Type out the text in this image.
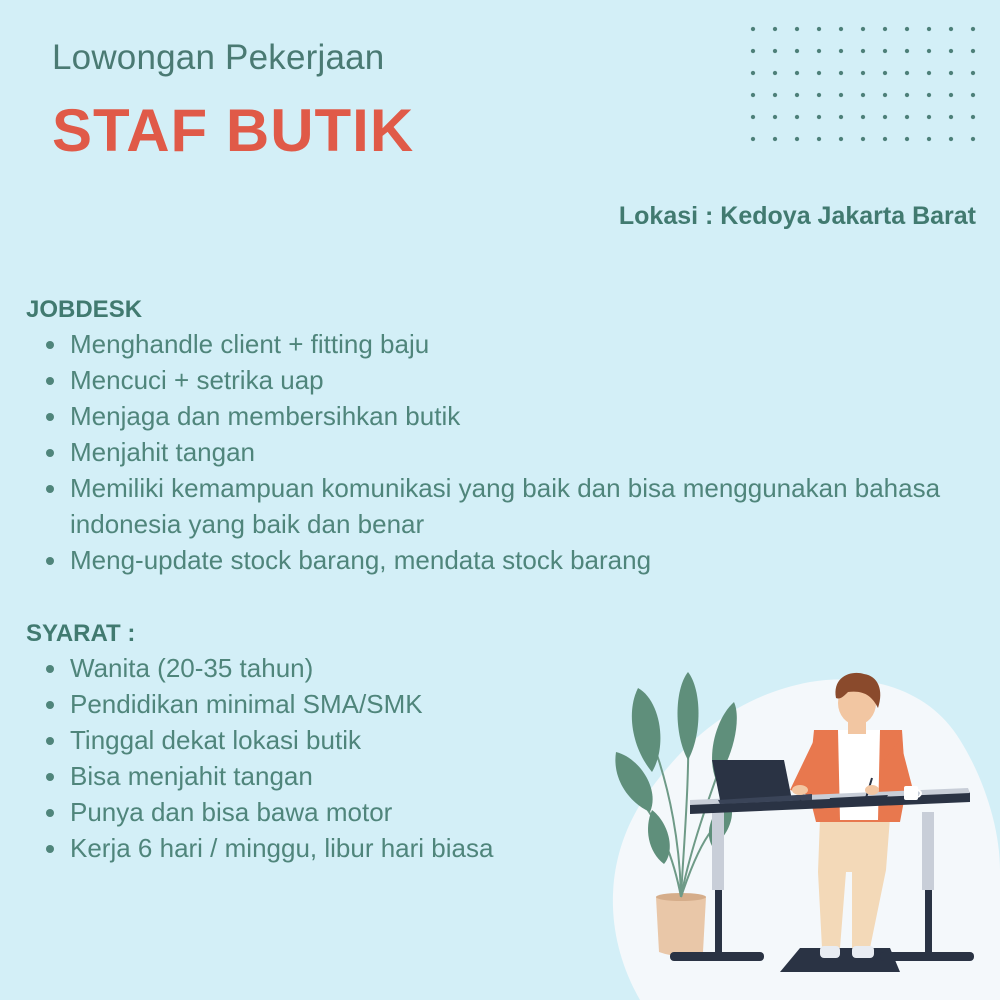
Lowongan Pekerjaan
STAF BUTIK

Lokasi : Kedoya Jakarta Barat

JOBDESK
Menghandle client + fitting baju
Mencuci + setrika uap
Menjaga dan membersihkan butik
Menjahit tangan
Memiliki kemampuan komunikasi yang baik dan bisa menggunakan bahasa indonesia yang baik dan benar
Meng-update stock barang, mendata stock barang
SYARAT :
Wanita (20-35 tahun)
Pendidikan minimal SMA/SMK
Tinggal dekat lokasi butik
Bisa menjahit tangan
Punya dan bisa bawa motor
Kerja 6 hari / minggu, libur hari biasa
